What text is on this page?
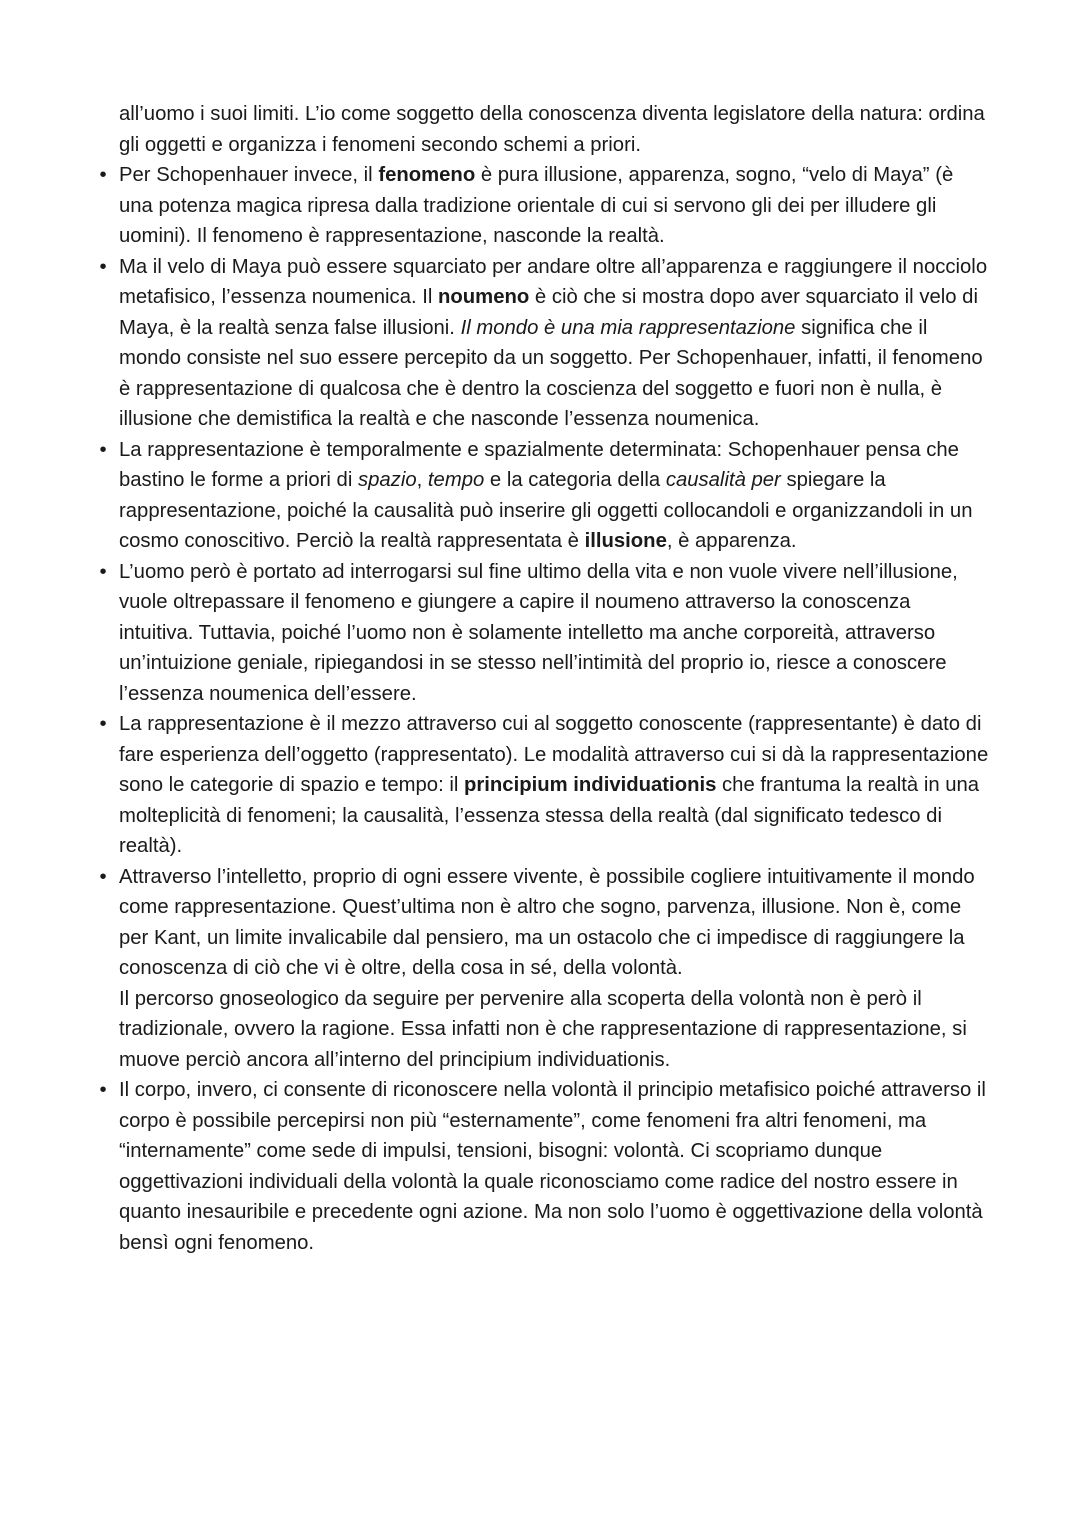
all’uomo i suoi limiti. L’io come soggetto della conoscenza diventa legislatore della natura: ordina gli oggetti e organizza i fenomeni secondo schemi a priori.

• Per Schopenhauer invece, il fenomeno è pura illusione, apparenza, sogno, “velo di Maya” (è una potenza magica ripresa dalla tradizione orientale di cui si servono gli dei per illudere gli uomini). Il fenomeno è rappresentazione, nasconde la realtà.
• Ma il velo di Maya può essere squarciato per andare oltre all’apparenza e raggiungere il nocciolo metafisico, l’essenza noumenica. Il noumeno è ciò che si mostra dopo aver squarciato il velo di Maya, è la realtà senza false illusioni. Il mondo è una mia rappresentazione significa che il mondo consiste nel suo essere percepito da un soggetto. Per Schopenhauer, infatti, il fenomeno è rappresentazione di qualcosa che è dentro la coscienza del soggetto e fuori non è nulla, è illusione che demistifica la realtà e che nasconde l’essenza noumenica.
• La rappresentazione è temporalmente e spazialmente determinata: Schopenhauer pensa che bastino le forme a priori di spazio, tempo e la categoria della causalità per spiegare la rappresentazione, poiché la causalità può inserire gli oggetti collocandoli e organizzandoli in un cosmo conoscitivo. Perciò la realtà rappresentata è illusione, è apparenza.
• L’uomo però è portato ad interrogarsi sul fine ultimo della vita e non vuole vivere nell’illusione, vuole oltrepassare il fenomeno e giungere a capire il noumeno attraverso la conoscenza intuitiva. Tuttavia, poiché l’uomo non è solamente intelletto ma anche corporeità, attraverso un’intuizione geniale, ripiegandosi in se stesso nell’intimità del proprio io, riesce a conoscere l’essenza noumenica dell’essere.
• La rappresentazione è il mezzo attraverso cui al soggetto conoscente (rappresentante) è dato di fare esperienza dell’oggetto (rappresentato). Le modalità attraverso cui si dà la rappresentazione sono le categorie di spazio e tempo: il principium individuationis che frantuma la realtà in una molteplicità di fenomeni; la causalità, l’essenza stessa della realtà (dal significato tedesco di realtà).
• Attraverso l’intelletto, proprio di ogni essere vivente, è possibile cogliere intuitivamente il mondo come rappresentazione. Quest’ultima non è altro che sogno, parvenza, illusione. Non è, come per Kant, un limite invalicabile dal pensiero, ma un ostacolo che ci impedisce di raggiungere la conoscenza di ciò che vi è oltre, della cosa in sé, della volontà.

Il percorso gnoseologico da seguire per pervenire alla scoperta della volontà non è però il tradizionale, ovvero la ragione. Essa infatti non è che rappresentazione di rappresentazione, si muove perciò ancora all’interno del principium individuationis.

• Il corpo, invero, ci consente di riconoscere nella volontà il principio metafisico poiché attraverso il corpo è possibile percepirsi non più “esternamente”, come fenomeni fra altri fenomeni, ma “internamente” come sede di impulsi, tensioni, bisogni: volontà. Ci scopriamo dunque oggettivazioni individuali della volontà la quale riconosciamo come radice del nostro essere in quanto inesauribile e precedente ogni azione. Ma non solo l’uomo è oggettivazione della volontà bensì ogni fenomeno.
